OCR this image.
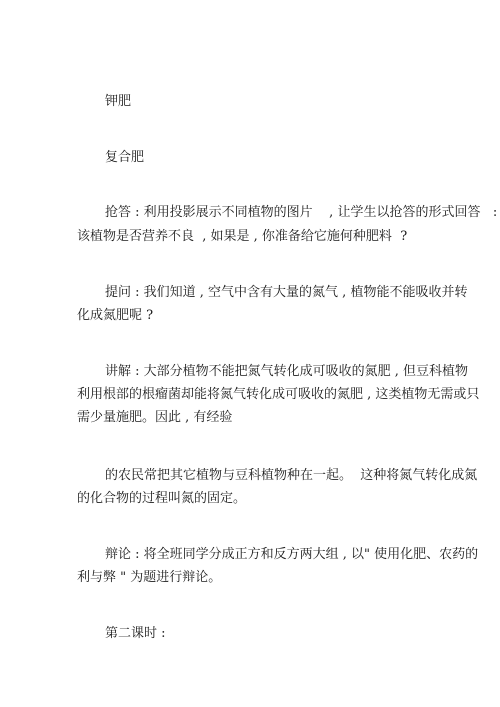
钾肥

复合肥

抢答 : 利用投影展示不同植物的图片    , 让学生以抢答的形式回答   :

该植物是否营养不良  , 如果是 , 你准备给它施何种肥料  ?

提问 : 我们知道 , 空气中含有大量的氮气 , 植物能不能吸收并转

化成氮肥呢 ?

讲解 : 大部分植物不能把氮气转化成可吸收的氮肥 , 但豆科植物

利用根部的根瘤菌却能将氮气转化成可吸收的氮肥 , 这类植物无需或只

需少量施肥。因此 , 有经验

的农民常把其它植物与豆科植物种在一起。  这种将氮气转化成氮

的化合物的过程叫氮的固定。

辩论 : 将全班同学分成正方和反方两大组 , 以" 使用化肥、农药的

利与弊 " 为题进行辩论。

第二课时 :
